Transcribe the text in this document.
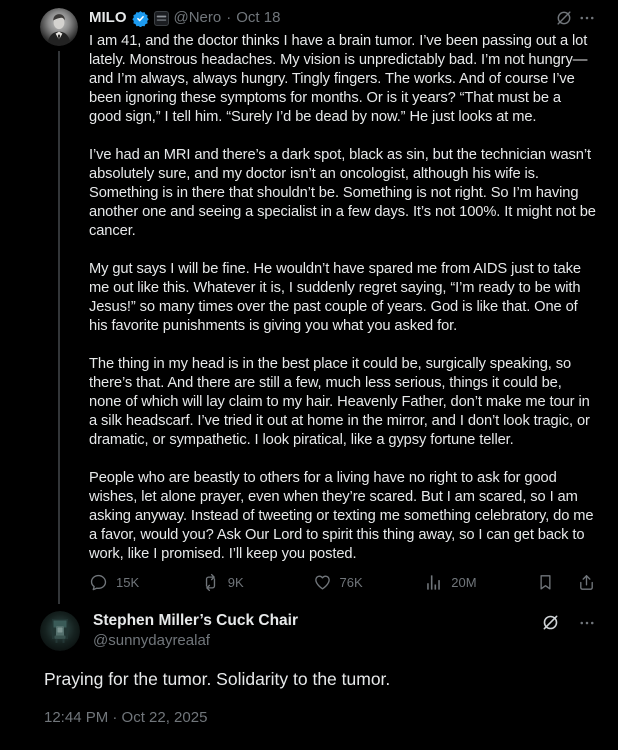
MILO	@Nero · Oct 18

I am 41, and the doctor thinks I have a brain tumor. I’ve been passing out a lot lately. Monstrous headaches. My vision is unpredictably bad. I’m not hungry—and I’m always, always hungry. Tingly fingers. The works. And of course I’ve been ignoring these symptoms for months. Or is it years? “That must be a good sign,” I tell him. “Surely I’d be dead by now.” He just looks at me.

I’ve had an MRI and there’s a dark spot, black as sin, but the technician wasn’t absolutely sure, and my doctor isn’t an oncologist, although his wife is. Something is in there that shouldn’t be. Something is not right. So I’m having another one and seeing a specialist in a few days. It’s not 100%. It might not be cancer.

My gut says I will be fine. He wouldn’t have spared me from AIDS just to take me out like this. Whatever it is, I suddenly regret saying, “I’m ready to be with Jesus!” so many times over the past couple of years. God is like that. One of his favorite punishments is giving you what you asked for.

The thing in my head is in the best place it could be, surgically speaking, so there’s that. And there are still a few, much less serious, things it could be, none of which will lay claim to my hair. Heavenly Father, don’t make me tour in a silk headscarf. I’ve tried it out at home in the mirror, and I don’t look tragic, or dramatic, or sympathetic. I look piratical, like a gypsy fortune teller.

People who are beastly to others for a living have no right to ask for good wishes, let alone prayer, even when they’re scared. But I am scared, so I am asking anyway. Instead of tweeting or texting me something celebratory, do me a favor, would you? Ask Our Lord to spirit this thing away, so I can get back to work, like I promised. I’ll keep you posted.

15K	9K	76K	20M
Stephen Miller’s Cuck Chair
@sunnydayrealaf
Praying for the tumor. Solidarity to the tumor.
12:44 PM · Oct 22, 2025
